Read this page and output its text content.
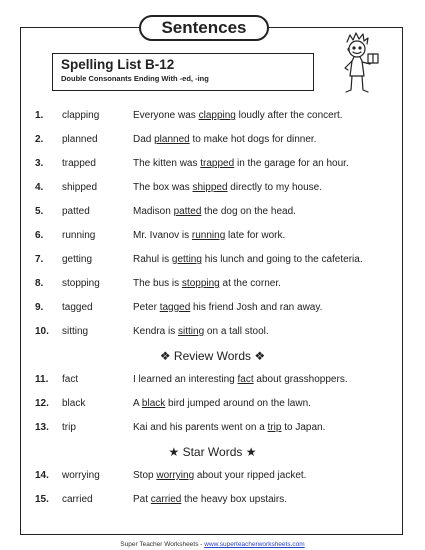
Sentences
Spelling List B-12
Double Consonants Ending With -ed, -ing
1. clapping	Everyone was clapping loudly after the concert.
2. planned	Dad planned to make hot dogs for dinner.
3. trapped	The kitten was trapped in the garage for an hour.
4. shipped	The box was shipped directly to my house.
5. patted	Madison patted the dog on the head.
6. running	Mr. Ivanov is running late for work.
7. getting	Rahul is getting his lunch and going to the cafeteria.
8. stopping	The bus is stopping at the corner.
9. tagged	Peter tagged his friend Josh and ran away.
10. sitting	Kendra is sitting on a tall stool.
❖ Review Words ❖
11. fact	I learned an interesting fact about grasshoppers.
12. black	A black bird jumped around on the lawn.
13. trip	Kai and his parents went on a trip to Japan.
★ Star Words ★
14. worrying	Stop worrying about your ripped jacket.
15. carried	Pat carried the heavy box upstairs.
Super Teacher Worksheets - www.superteacherworksheets.com
